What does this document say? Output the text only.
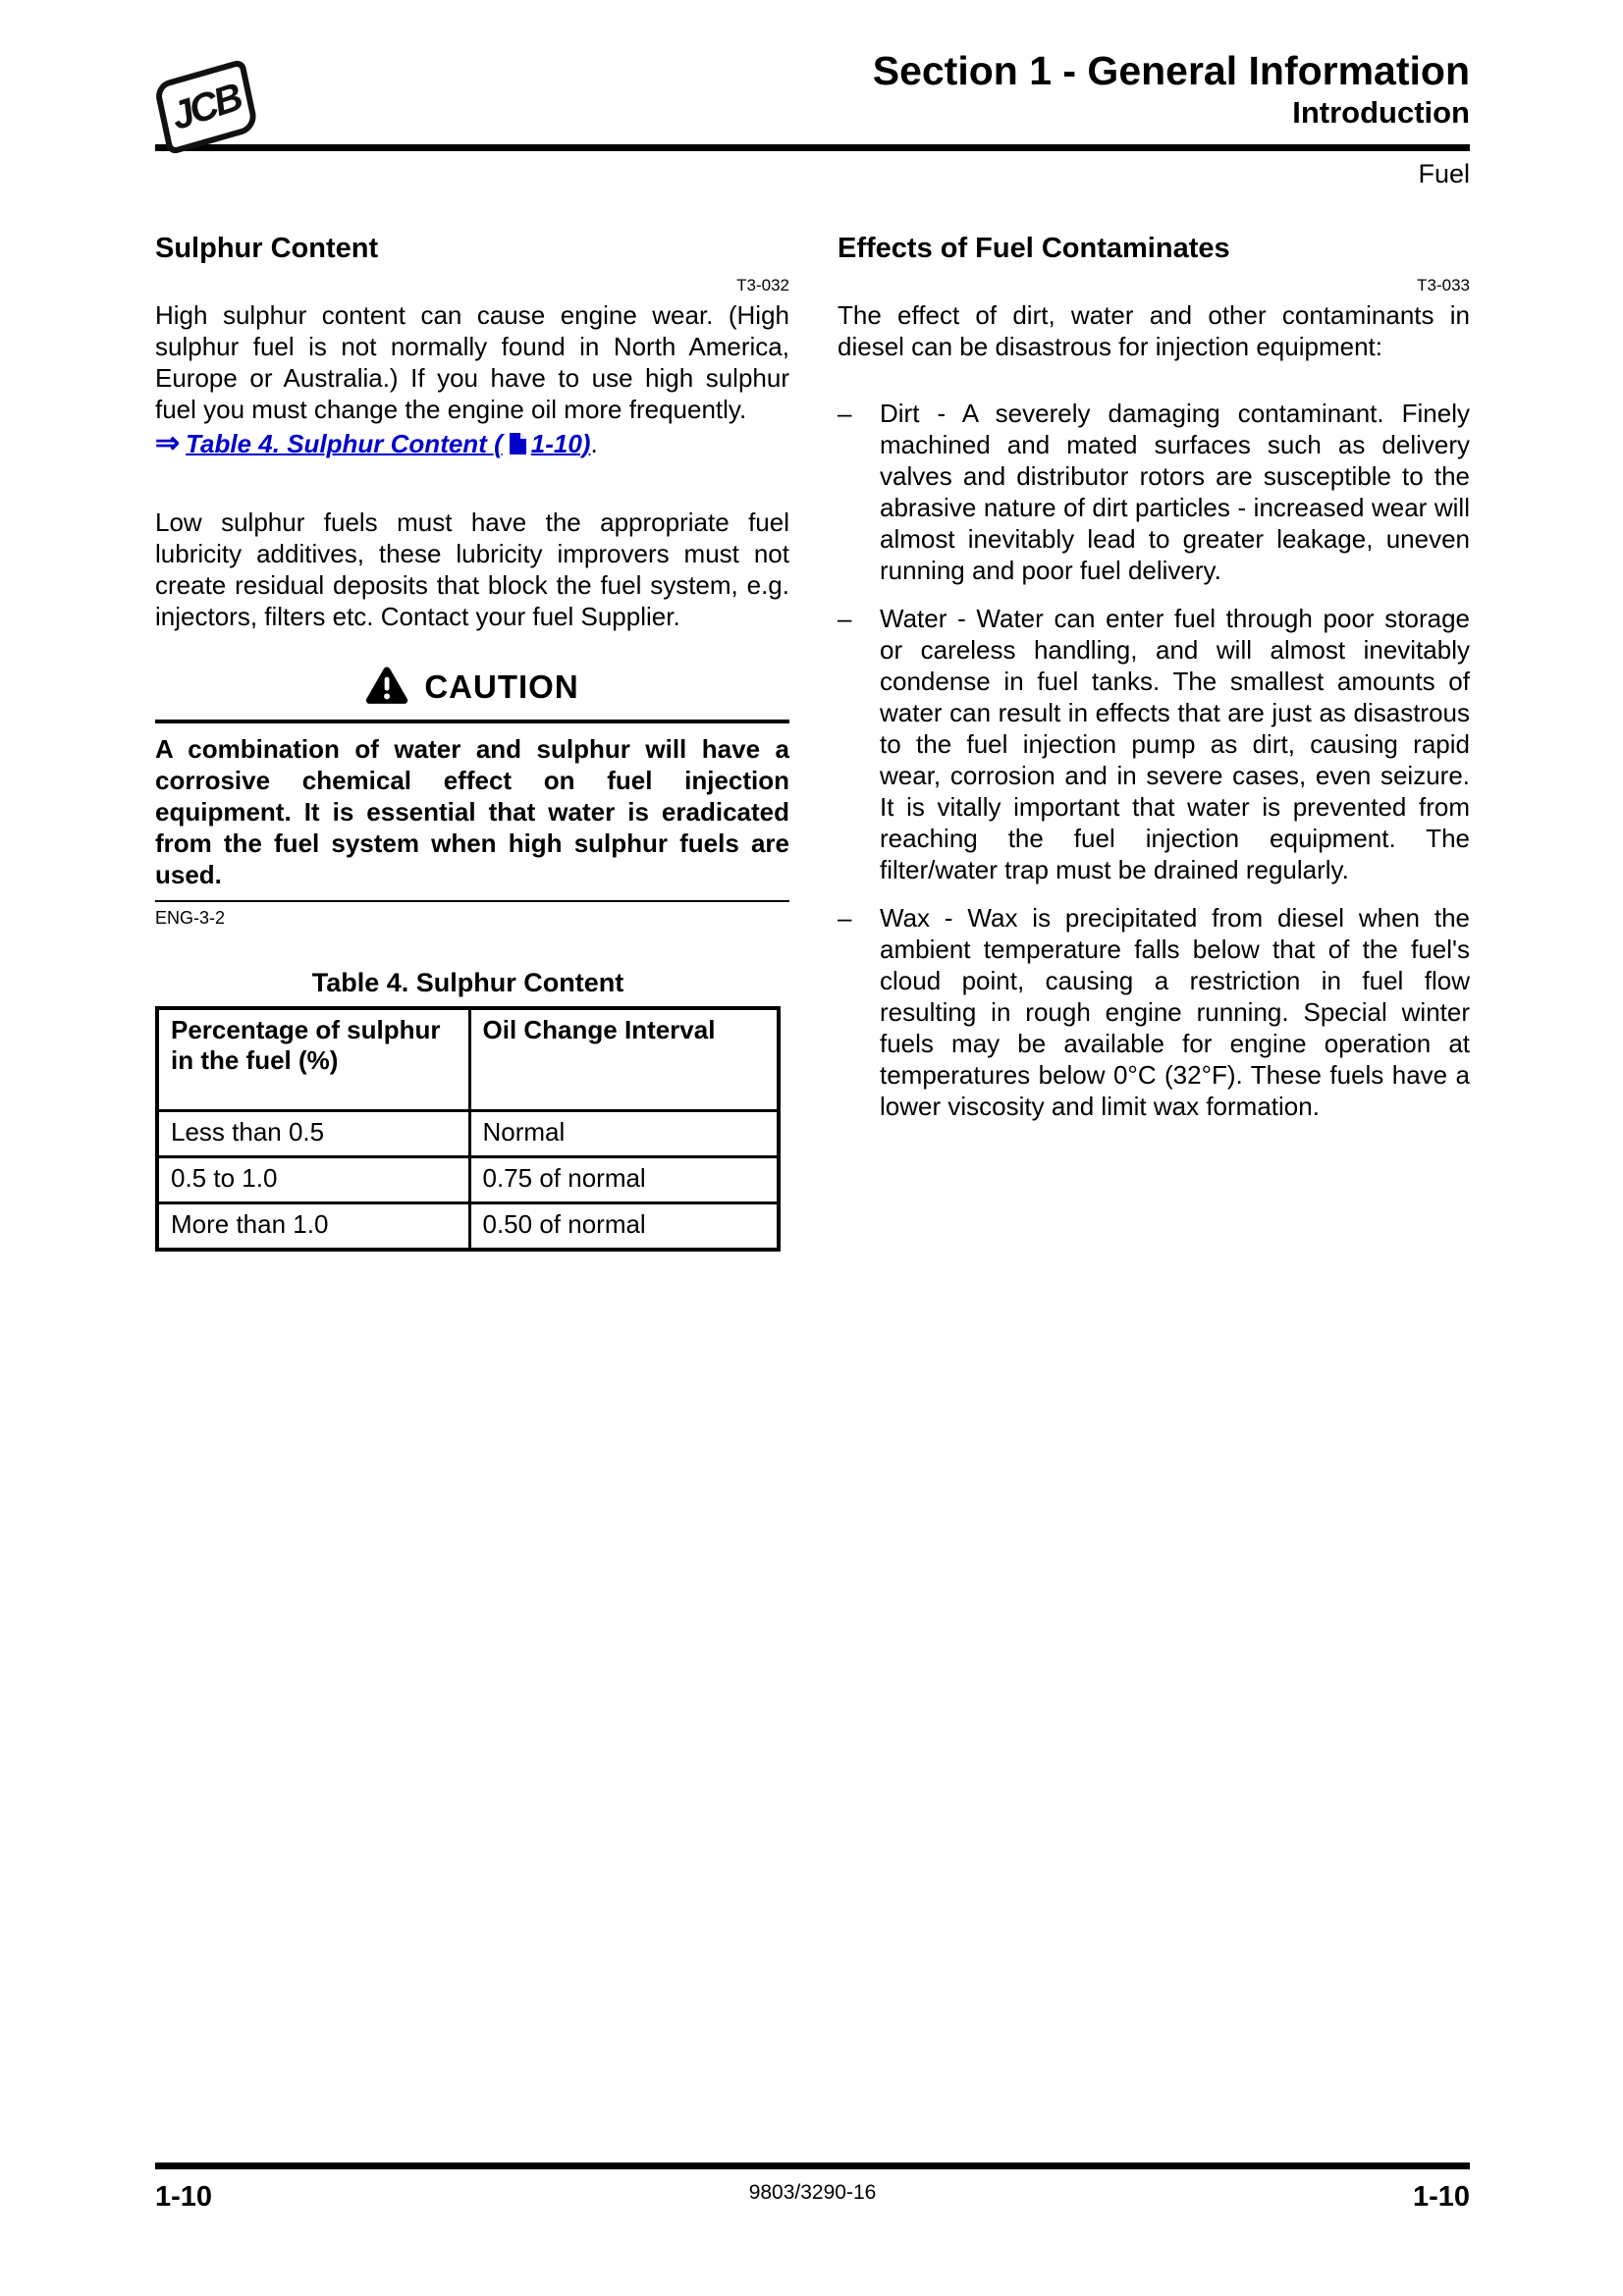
JCB
Section 1 - General Information
Introduction
Fuel
Sulphur Content
T3-032

High sulphur content can cause engine wear. (High sulphur fuel is not normally found in North America, Europe or Australia.) If you have to use high sulphur fuel you must change the engine oil more frequently.

⇒ Table 4. Sulphur Content ( 1-10).

Low sulphur fuels must have the appropriate fuel lubricity additives, these lubricity improvers must not create residual deposits that block the fuel system, e.g. injectors, filters etc. Contact your fuel Supplier.

CAUTION

A combination of water and sulphur will have a corrosive chemical effect on fuel injection equipment. It is essential that water is eradicated from the fuel system when high sulphur fuels are used.

ENG-3-2
Table 4. Sulphur Content
Percentage of sulphur in the fuel (%)	Oil Change Interval
Less than 0.5	Normal
0.5 to 1.0	0.75 of normal
More than 1.0	0.50 of normal
Effects of Fuel Contaminates
T3-033

The effect of dirt, water and other contaminants in diesel can be disastrous for injection equipment:

–	Dirt - A severely damaging contaminant. Finely machined and mated surfaces such as delivery valves and distributor rotors are susceptible to the abrasive nature of dirt particles - increased wear will almost inevitably lead to greater leakage, uneven running and poor fuel delivery.
–	Water - Water can enter fuel through poor storage or careless handling, and will almost inevitably condense in fuel tanks. The smallest amounts of water can result in effects that are just as disastrous to the fuel injection pump as dirt, causing rapid wear, corrosion and in severe cases, even seizure. It is vitally important that water is prevented from reaching the fuel injection equipment. The filter/water trap must be drained regularly.
–	Wax - Wax is precipitated from diesel when the ambient temperature falls below that of the fuel's cloud point, causing a restriction in fuel flow resulting in rough engine running. Special winter fuels may be available for engine operation at temperatures below 0°C (32°F). These fuels have a lower viscosity and limit wax formation.
1-10	9803/3290-16	1-10
